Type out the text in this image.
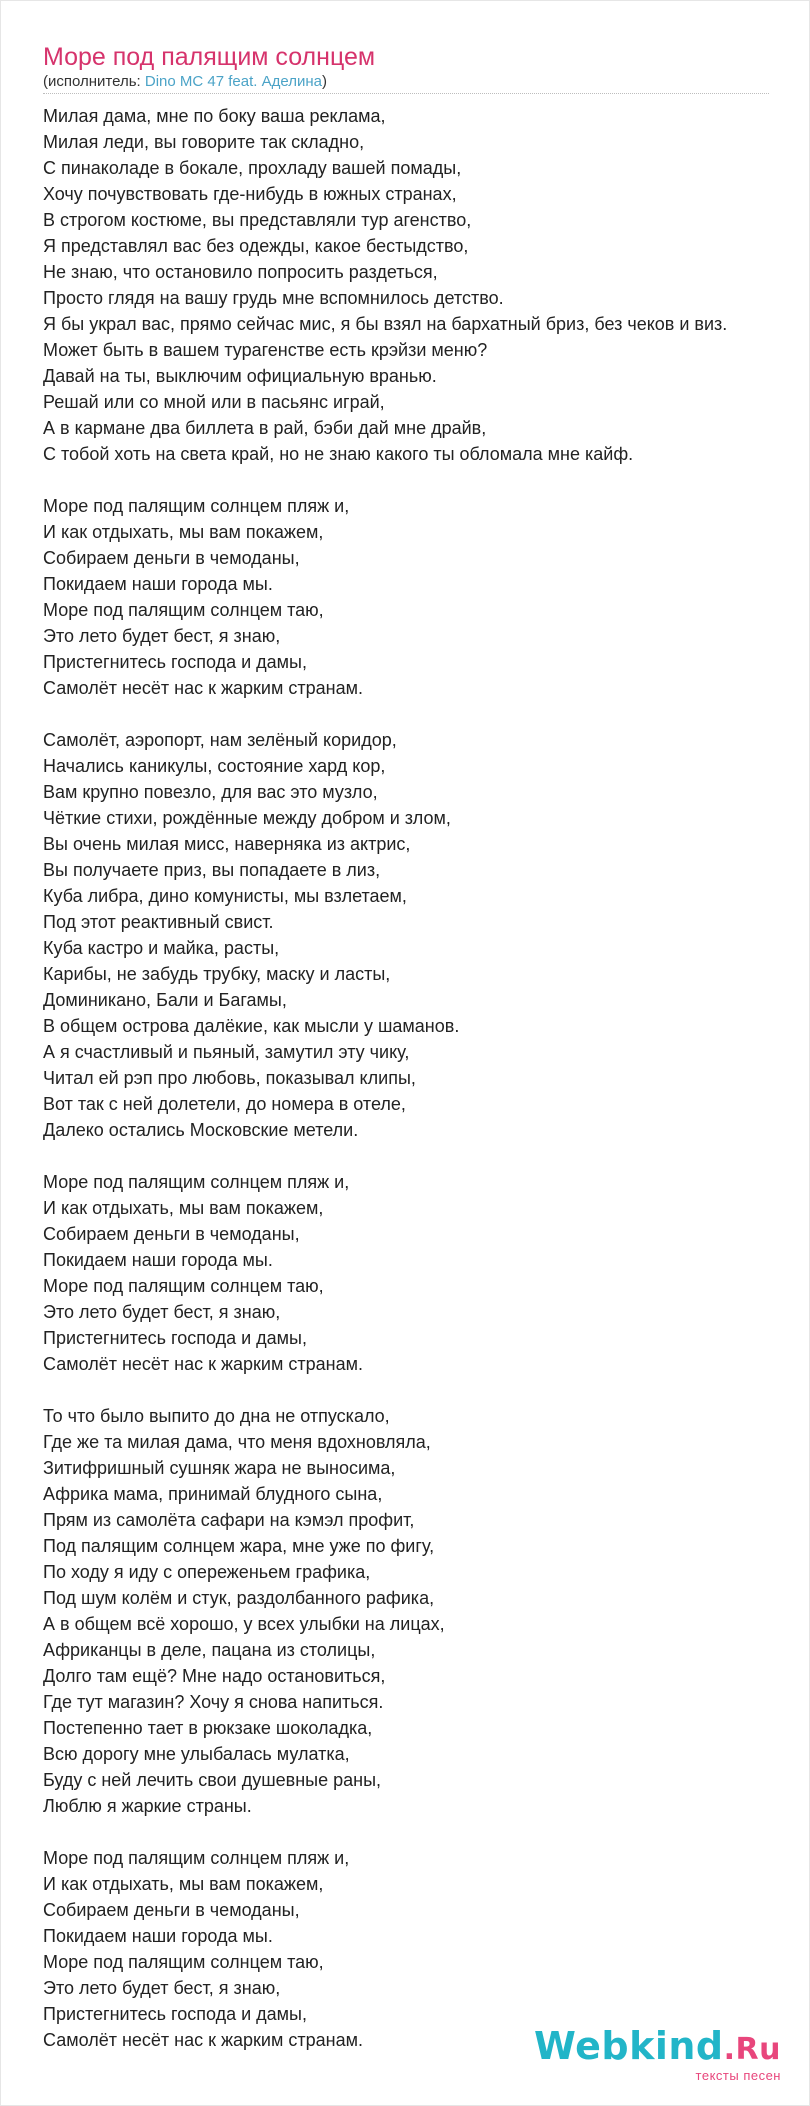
Море под палящим солнцем
(исполнитель: Dino MC 47 feat. Аделина)
Милая дама, мне по боку ваша реклама,
Милая леди, вы говорите так складно,
С пинаколаде в бокале, прохладу вашей помады,
Хочу почувствовать где-нибудь в южных странах,
В строгом костюме, вы представляли тур агенство,
Я представлял вас без одежды, какое бестыдство,
Не знаю, что остановило попросить раздеться,
Просто глядя на вашу грудь мне вспомнилось детство.
Я бы украл вас, прямо сейчас мис, я бы взял на бархатный бриз, без чеков и виз.
Может быть в вашем турагенстве есть крэйзи меню?
Давай на ты, выключим официальную вранью.
Решай или со мной или в пасьянс играй,
А в кармане два биллета в рай, бэби дай мне драйв,
С тобой хоть на света край, но не знаю какого ты обломала мне кайф.
Море под палящим солнцем пляж и,
И как отдыхать, мы вам покажем,
Собираем деньги в чемоданы,
Покидаем наши города мы.
Море под палящим солнцем таю,
Это лето будет бест, я знаю,
Пристегнитесь господа и дамы,
Самолёт несёт нас к жарким странам.
Самолёт, аэропорт, нам зелёный коридор,
Начались каникулы, состояние хард кор,
Вам крупно повезло, для вас это музло,
Чёткие стихи, рождённые между добром и злом,
Вы очень милая мисс, наверняка из актрис,
Вы получаете приз, вы попадаете в лиз,
Куба либра, дино комунисты, мы взлетаем,
Под этот реактивный свист.
Куба кастро и майка, расты,
Карибы, не забудь трубку, маску и ласты,
Доминикано, Бали и Багамы,
В общем острова далёкие, как мысли у шаманов.
А я счастливый и пьяный, замутил эту чику,
Читал ей рэп про любовь, показывал клипы,
Вот так с ней долетели, до номера в отеле,
Далеко остались Московские метели.
Море под палящим солнцем пляж и,
И как отдыхать, мы вам покажем,
Собираем деньги в чемоданы,
Покидаем наши города мы.
Море под палящим солнцем таю,
Это лето будет бест, я знаю,
Пристегнитесь господа и дамы,
Самолёт несёт нас к жарким странам.
То что было выпито до дна не отпускало,
Где же та милая дама, что меня вдохновляла,
Зитифришный сушняк жара не выносима,
Африка мама, принимай блудного сына,
Прям из самолёта сафари на кэмэл профит,
Под палящим солнцем жара, мне уже по фигу,
По ходу я иду с опереженьем графика,
Под шум колём и стук, раздолбанного рафика,
А в общем всё хорошо, у всех улыбки на лицах,
Африканцы в деле, пацана из столицы,
Долго там ещё? Мне надо остановиться,
Где тут магазин? Хочу я снова напиться.
Постепенно тает в рюкзаке шоколадка,
Всю дорогу мне улыбалась мулатка,
Буду с ней лечить свои душевные раны,
Люблю я жаркие страны.
Море под палящим солнцем пляж и,
И как отдыхать, мы вам покажем,
Собираем деньги в чемоданы,
Покидаем наши города мы.
Море под палящим солнцем таю,
Это лето будет бест, я знаю,
Пристегнитесь господа и дамы,
Самолёт несёт нас к жарким странам.	Webkind.Ru
тексты песен
